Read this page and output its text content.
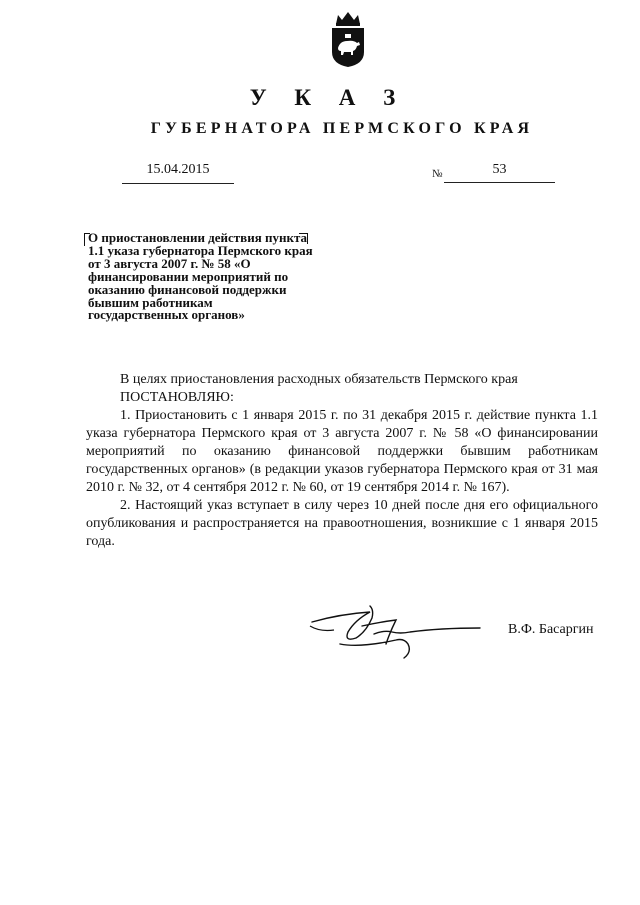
У К А З
ГУБЕРНАТОРА ПЕРМСКОГО КРАЯ
15.04.2015	№	53
О приостановлении действия пункта 1.1 указа губернатора Пермского края от 3 августа 2007 г. № 58 «О финансировании мероприятий по оказанию финансовой поддержки бывшим работникам государственных органов»

В целях приостановления расходных обязательств Пермского края

ПОСТАНОВЛЯЮ:

1. Приостановить с 1 января 2015 г. по 31 декабря 2015 г. действие пункта 1.1 указа губернатора Пермского края от 3 августа 2007 г. № 58 «О финансировании мероприятий по оказанию финансовой поддержки бывшим работникам государственных органов» (в редакции указов губернатора Пермского края от 31 мая 2010 г. № 32, от 4 сентября 2012 г. № 60, от 19 сентября 2014 г. № 167).

2. Настоящий указ вступает в силу через 10 дней после дня его официального опубликования и распространяется на правоотношения, возникшие с 1 января 2015 года.

В.Ф. Басаргин
